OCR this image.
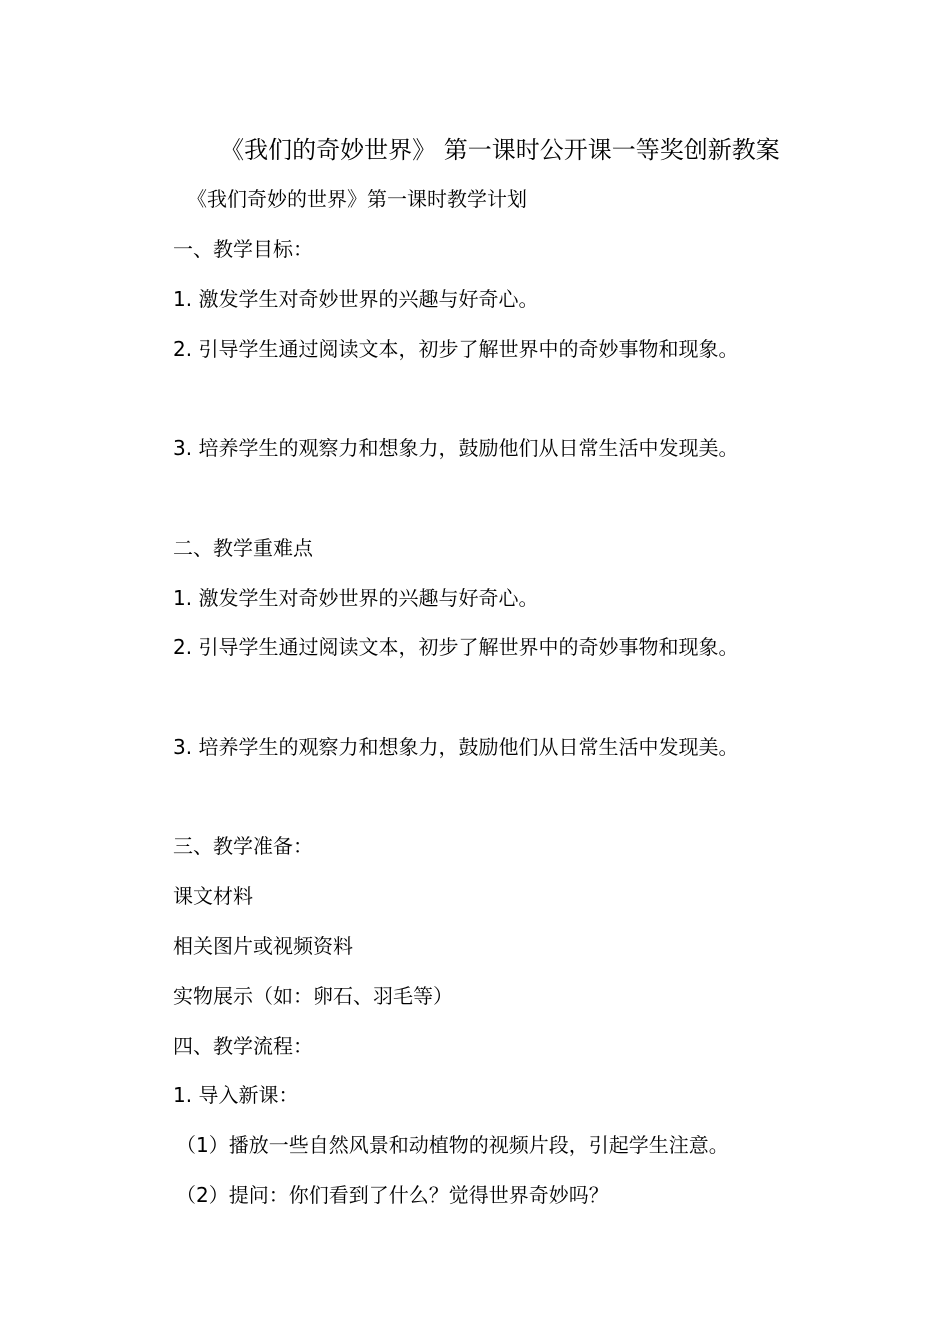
《我们的奇妙世界》 第一课时公开课一等奖创新教案
《我们奇妙的世界》第一课时教学计划
一、教学目标：
1. 激发学生对奇妙世界的兴趣与好奇心。
2. 引导学生通过阅读文本，初步了解世界中的奇妙事物和现象。
3. 培养学生的观察力和想象力，鼓励他们从日常生活中发现美。
二、教学重难点
1. 激发学生对奇妙世界的兴趣与好奇心。
2. 引导学生通过阅读文本，初步了解世界中的奇妙事物和现象。
3. 培养学生的观察力和想象力，鼓励他们从日常生活中发现美。
三、教学准备：
课文材料
相关图片或视频资料
实物展示（如：卵石、羽毛等）
四、教学流程：
1. 导入新课：
（1）播放一些自然风景和动植物的视频片段，引起学生注意。
（2）提问：你们看到了什么？觉得世界奇妙吗？
